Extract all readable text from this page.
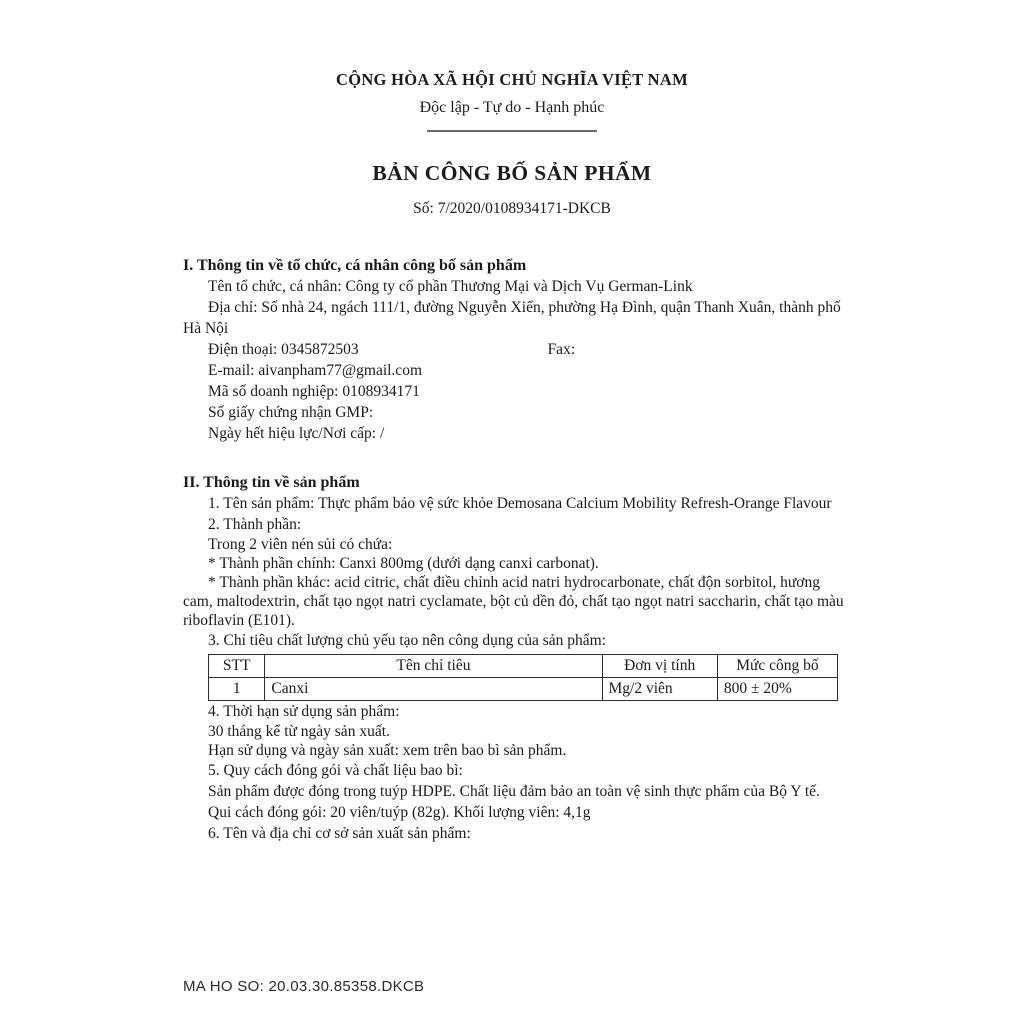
CỘNG HÒA XÃ HỘI CHỦ NGHĨA VIỆT NAM
Độc lập - Tự do - Hạnh phúc
BẢN CÔNG BỐ SẢN PHẨM
Số: 7/2020/0108934171-DKCB
I. Thông tin về tổ chức, cá nhân công bố sản phẩm

Tên tổ chức, cá nhân: Công ty cổ phần Thương Mại và Dịch Vụ German-Link

Địa chỉ: Số nhà 24, ngách 111/1, đường Nguyễn Xiển, phường Hạ Đình, quận Thanh Xuân, thành phố Hà Nội

Điện thoại: 0345872503	Fax:

E-mail: aivanpham77@gmail.com

Mã số doanh nghiệp: 0108934171

Số giấy chứng nhận GMP:

Ngày hết hiệu lực/Nơi cấp: /

II. Thông tin về sản phẩm

1. Tên sản phẩm: Thực phẩm bảo vệ sức khỏe Demosana Calcium Mobility Refresh-Orange Flavour

2. Thành phần:

Trong 2 viên nén sủi có chứa:

* Thành phần chính: Canxi 800mg (dưới dạng canxi carbonat).

* Thành phần khác: acid citric, chất điều chỉnh acid natri hydrocarbonate, chất độn sorbitol, hương cam, maltodextrin, chất tạo ngọt natri cyclamate, bột củ dền đỏ, chất tạo ngọt natri saccharin, chất tạo màu riboflavin (E101).

3. Chỉ tiêu chất lượng chủ yếu tạo nên công dụng của sản phẩm:

STT	Tên chỉ tiêu	Đơn vị tính	Mức công bố
1	Canxi	Mg/2 viên	800 ± 20%

4. Thời hạn sử dụng sản phẩm:

30 tháng kể từ ngày sản xuất.

Hạn sử dụng và ngày sản xuất: xem trên bao bì sản phẩm.

5. Quy cách đóng gói và chất liệu bao bì:

Sản phẩm được đóng trong tuýp HDPE. Chất liệu đảm bảo an toàn vệ sinh thực phẩm của Bộ Y tế.

Qui cách đóng gói: 20 viên/tuýp (82g). Khối lượng viên: 4,1g

6. Tên và địa chỉ cơ sở sản xuất sản phẩm:

MA HO SO: 20.03.30.85358.DKCB
